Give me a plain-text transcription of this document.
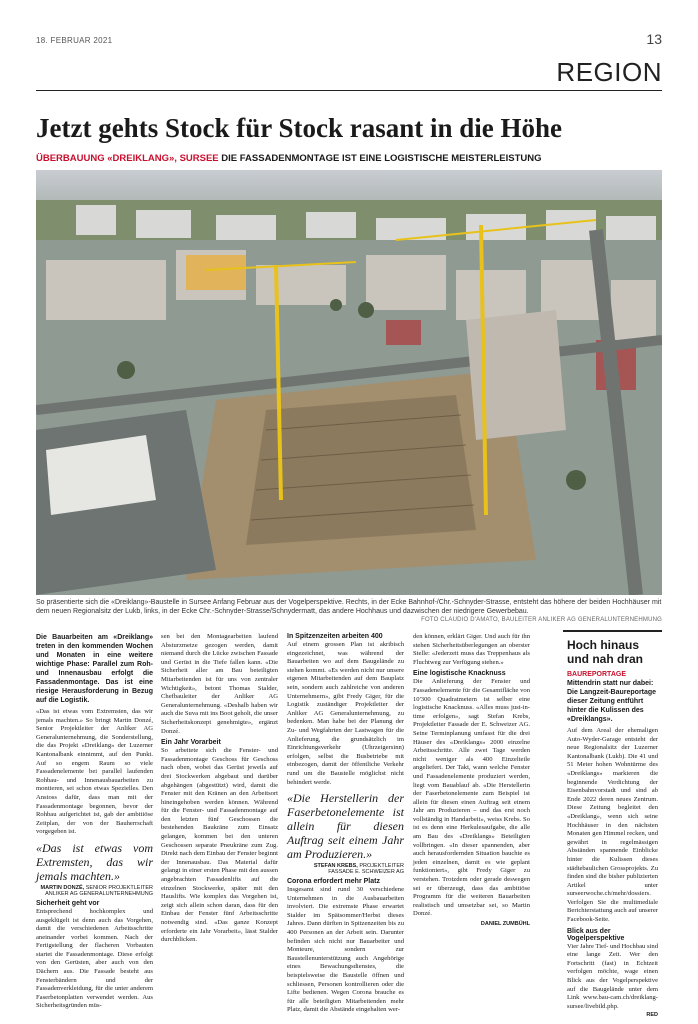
18. FEBRUAR 2021	13
REGION
Jetzt gehts Stock für Stock rasant in die Höhe
ÜBERBAUUNG «DREIKLANG», SURSEE DIE FASSADENMONTAGE IST EINE LOGISTISCHE MEISTERLEISTUNG
So präsentierte sich die «Dreiklang»-Baustelle in Sursee Anfang Februar aus der Vogelperspektive. Rechts, in der Ecke Bahnhof-/Chr.-Schnyder-Strasse, entsteht das höhere der beiden Hochhäuser mit dem neuen Regionalsitz der Lukb, links, in der Ecke Chr.-Schnyder-Strasse/Schnydermatt, das andere Hochhaus und dazwischen der niedrigere Gewerbebau.
FOTO CLAUDIO D'AMATO, BAULEITER ANLIKER AG GENERALUNTERNEHMUNG

Die Bauarbeiten am «Dreiklang» treten in den kommenden Wochen und Monaten in eine weitere wichtige Phase: Parallel zum Roh- und Innenausbau erfolgt die Fassadenmontage. Das ist eine riesige Herausforderung in Bezug auf die Logistik.

«Das ist etwas vom Extremsten, das wir jemals machten.» So bringt Martin Donzé, Senior Projektleiter der Anliker AG Generalunternehmung, die Sonderstellung, die das Projekt «Dreiklang» der Luzerner Kantonalbank einnimmt, auf den Punkt. Auf so engem Raum so viele Fassadenelemente bei parallel laufenden Rohbau- und Innenausbauarbeiten zu montieren, sei schon etwas Spezielles. Den Anstoss dafür, dass man mit der Fassadenmontage begonnen, bevor der Rohbau aufgerichtet ist, gab der ambitiöse Zeitplan, der von der Bauherrschaft vorgegeben ist.

«Das ist etwas vom Extremsten, das wir jemals machten.»
MARTIN DONZÉ, SENIOR PROJEKTLEITER ANLIKER AG GENERALUNTERNEHMUNG
Sicherheit geht vor

Entsprechend hochkomplex und ausgeklügelt ist denn auch das Vorgehen, damit die verschiedenen Arbeitsschritte aneinander vorbei kommen. Nach der Fertigstellung der flacheren Vorbauten startet die Fassadenmontage. Diese erfolgt von den Gerüsten, aber auch von den Dächern aus. Die Fassade besteht aus Fensterbändern und der Fassadenverkleidung, für die unter anderem Faserbetonplatten verwendet werden. Aus Sicherheitsgründen müs-

sen bei den Montagearbeiten laufend Absturzmetze gezogen werden, damit niemand durch die Lücke zwischen Fassade und Gerüst in die Tiefe fallen kann. «Die Sicherheit aller am Bau beteiligten Mitarbeitenden ist für uns von zentraler Wichtigkeit», betont Thomas Stalder, Chefbauleiter der Anliker AG Generalunternehmung. «Deshalb haben wir auch die Suva mit ins Boot geholt, die unser Sicherheitskonzept genehmigte», ergänzt Donzé.

Ein Jahr Vorarbeit

So arbeitete sich die Fenster- und Fassadenmontage Geschoss für Geschoss nach oben, wobei das Gerüst jeweils auf drei Stockwerken abgebaut und darüber abgehängen (abgestützt) wird, damit die Fenster mit den Kränen an den Arbeitsort hineingehoben werden können. Während für die Fenster- und Fassadenmontage auf den letzten fünf Geschossen die bestehenden Baukräne zum Einsatz gelangen, kommen bei den unteren Geschossen separate Pneukräne zum Zug. Direkt nach dem Einbau der Fenster beginnt der Innenausbau. Das Material dafür gelangt in einer ersten Phase mit den aussen angebrachten Fassadenlifts auf die einzelnen Stockwerke, später mit den Hauslifts. Wie komplex das Vorgehen ist, zeigt sich allein schon daran, dass für den Einbau der Fenster fünf Arbeitsschritte notwendig sind. «Das ganze Konzept erforderte ein Jahr Vorarbeit», lässt Stalder durchblicken.

In Spitzenzeiten arbeiten 400

Auf einem grossen Plan ist akribisch eingezeichnet, was während der Bauarbeiten wo auf dem Baugelände zu stehen kommt. «Es werden nicht nur unsere eigenen Mitarbeitenden auf dem Bauplatz sein, sondern auch zahlreiche von anderen Unternehmern», gibt Fredy Giger, für die Logistik zuständiger Projektleiter der Anliker AG Generalunternehmung, zu bedenken. Man habe bei der Planung der Zu- und Wegfahrten der Lastwagen für die Anlieferung, die grundsätzlich im Einrichtungsverkehr (Uhrzeigersinn) erfolgen, selbst die Busbetriebe mit einbezogen, damit der öffentliche Verkehr rund um die Baustelle möglichst nicht behindert werde.

«Die Herstellerin der Faserbetonelemente ist allein für diesen Auftrag seit einem Jahr am Produzieren.»
STEFAN KREBS, PROJEKTLEITER FASSADE E. SCHWEIZER AG
Corona erfordert mehr Platz

Insgesamt sind rund 30 verschiedene Unternehmen in die Ausbauarbeiten involviert. Die extremste Phase erwartet Stalder im Spätsommer/Herbst dieses Jahres. Dann dürften in Spitzenzeiten bis zu 400 Personen an der Arbeit sein. Darunter befinden sich nicht nur Bauarbeiter und Monteure, sondern zur Baustellenunterstützung auch Angehörige eines Bewachungsdienstes, die beispielsweise die Baustelle öffnen und schliessen, Personen kontrollieren oder die Lifte bedienen. Wegen Corona brauche es für alle beteiligten Mitarbeitenden mehr Platz, damit die Abstände eingehalten wer-

den können, erklärt Giger. Und auch für ihn stehen Sicherheitsüberlegungen an oberster Stelle: «Jederzeit muss das Treppenhaus als Fluchtweg zur Verfügung stehen.»

Eine logistische Knacknuss

Die Anlieferung der Fenster und Fassadenelemente für die Gesamtfläche von 10'300 Quadratmetern ist selber eine logistische Knacknuss. «Alles muss just-in-time erfolgen», sagt Stefan Krebs, Projektleiter Fassade der E. Schweizer AG. Seine Terminplanung umfasst für die drei Häuser des «Dreiklangs» 2000 einzelne Arbeitsschritte. Alle zwei Tage werden nicht weniger als 400 Einzelteile angeliefert. Der Takt, wann welche Fenster und Fassadenelemente produziert werden, liegt vom Bauablauf ab. «Die Herstellerin der Faserbetonelemente zum Beispiel ist allein für diesen einen Auftrag seit einem Jahr am Produzieren – und das erst noch vollständig in Handarbeit», weiss Krebs. So ist es denn eine Herkulesaufgabe, die alle am Bau des «Dreiklangs» Beteiligten vollbringen. «In dieser spannenden, aber auch herausfordernden Situation bauchte es jeden einzelnen, damit es wie geplant funktioniert», gibt Fredy Giger zu verstehen. Trotzdem oder gerade deswegen sei er überzeugt, dass das ambitiöse Programm für die weiteren Bauarbeiten realistisch und umsetzbar sei, so Martin Donzé.

DANIEL ZUMBÜHL
Hoch hinaus und nah dran
BAUREPORTAGE Mittendrin statt nur dabei: Die Langzeit-Baureportage dieser Zeitung entführt hinter die Kulissen des «Dreiklangs».

Auf dem Areal der ehemaligen Auto-Wyder-Garage entsteht der neue Regionalsitz der Luzerner Kantonalbank (Lukb). Die 41 und 51 Meter hohen Wohntürme des «Dreiklangs» markieren die beginnende Verdichtung der Eisenbahnvorstadt und sind ab Ende 2022 deren neues Zentrum. Diese Zeitung begleitet den «Dreiklang», wenn sich seine Hochhäuser in den nächsten Monaten gen Himmel recken, und gewährt in regelmässigen Abständen spannende Einblicke hinter die Kulissen dieses städtebaulichen Grossprojekts. Zu finden sind die bisher publizierten Artikel unter surseerwoche.ch/mehr/dossiers. Verfolgen Sie die multimediale Berichterstattung auch auf unserer Facebook-Seite.

Blick aus der Vogelperspektive

Vier Jahre Tief- und Hochbau sind eine lange Zeit. Wer den Fortschritt (fast) in Echtzeit verfolgen möchte, wage einen Blick aus der Vogelperspektive auf die Baugelände unter dem Link www.bau-cam.ch/dreiklang-sursee/livebild.php.

RED
